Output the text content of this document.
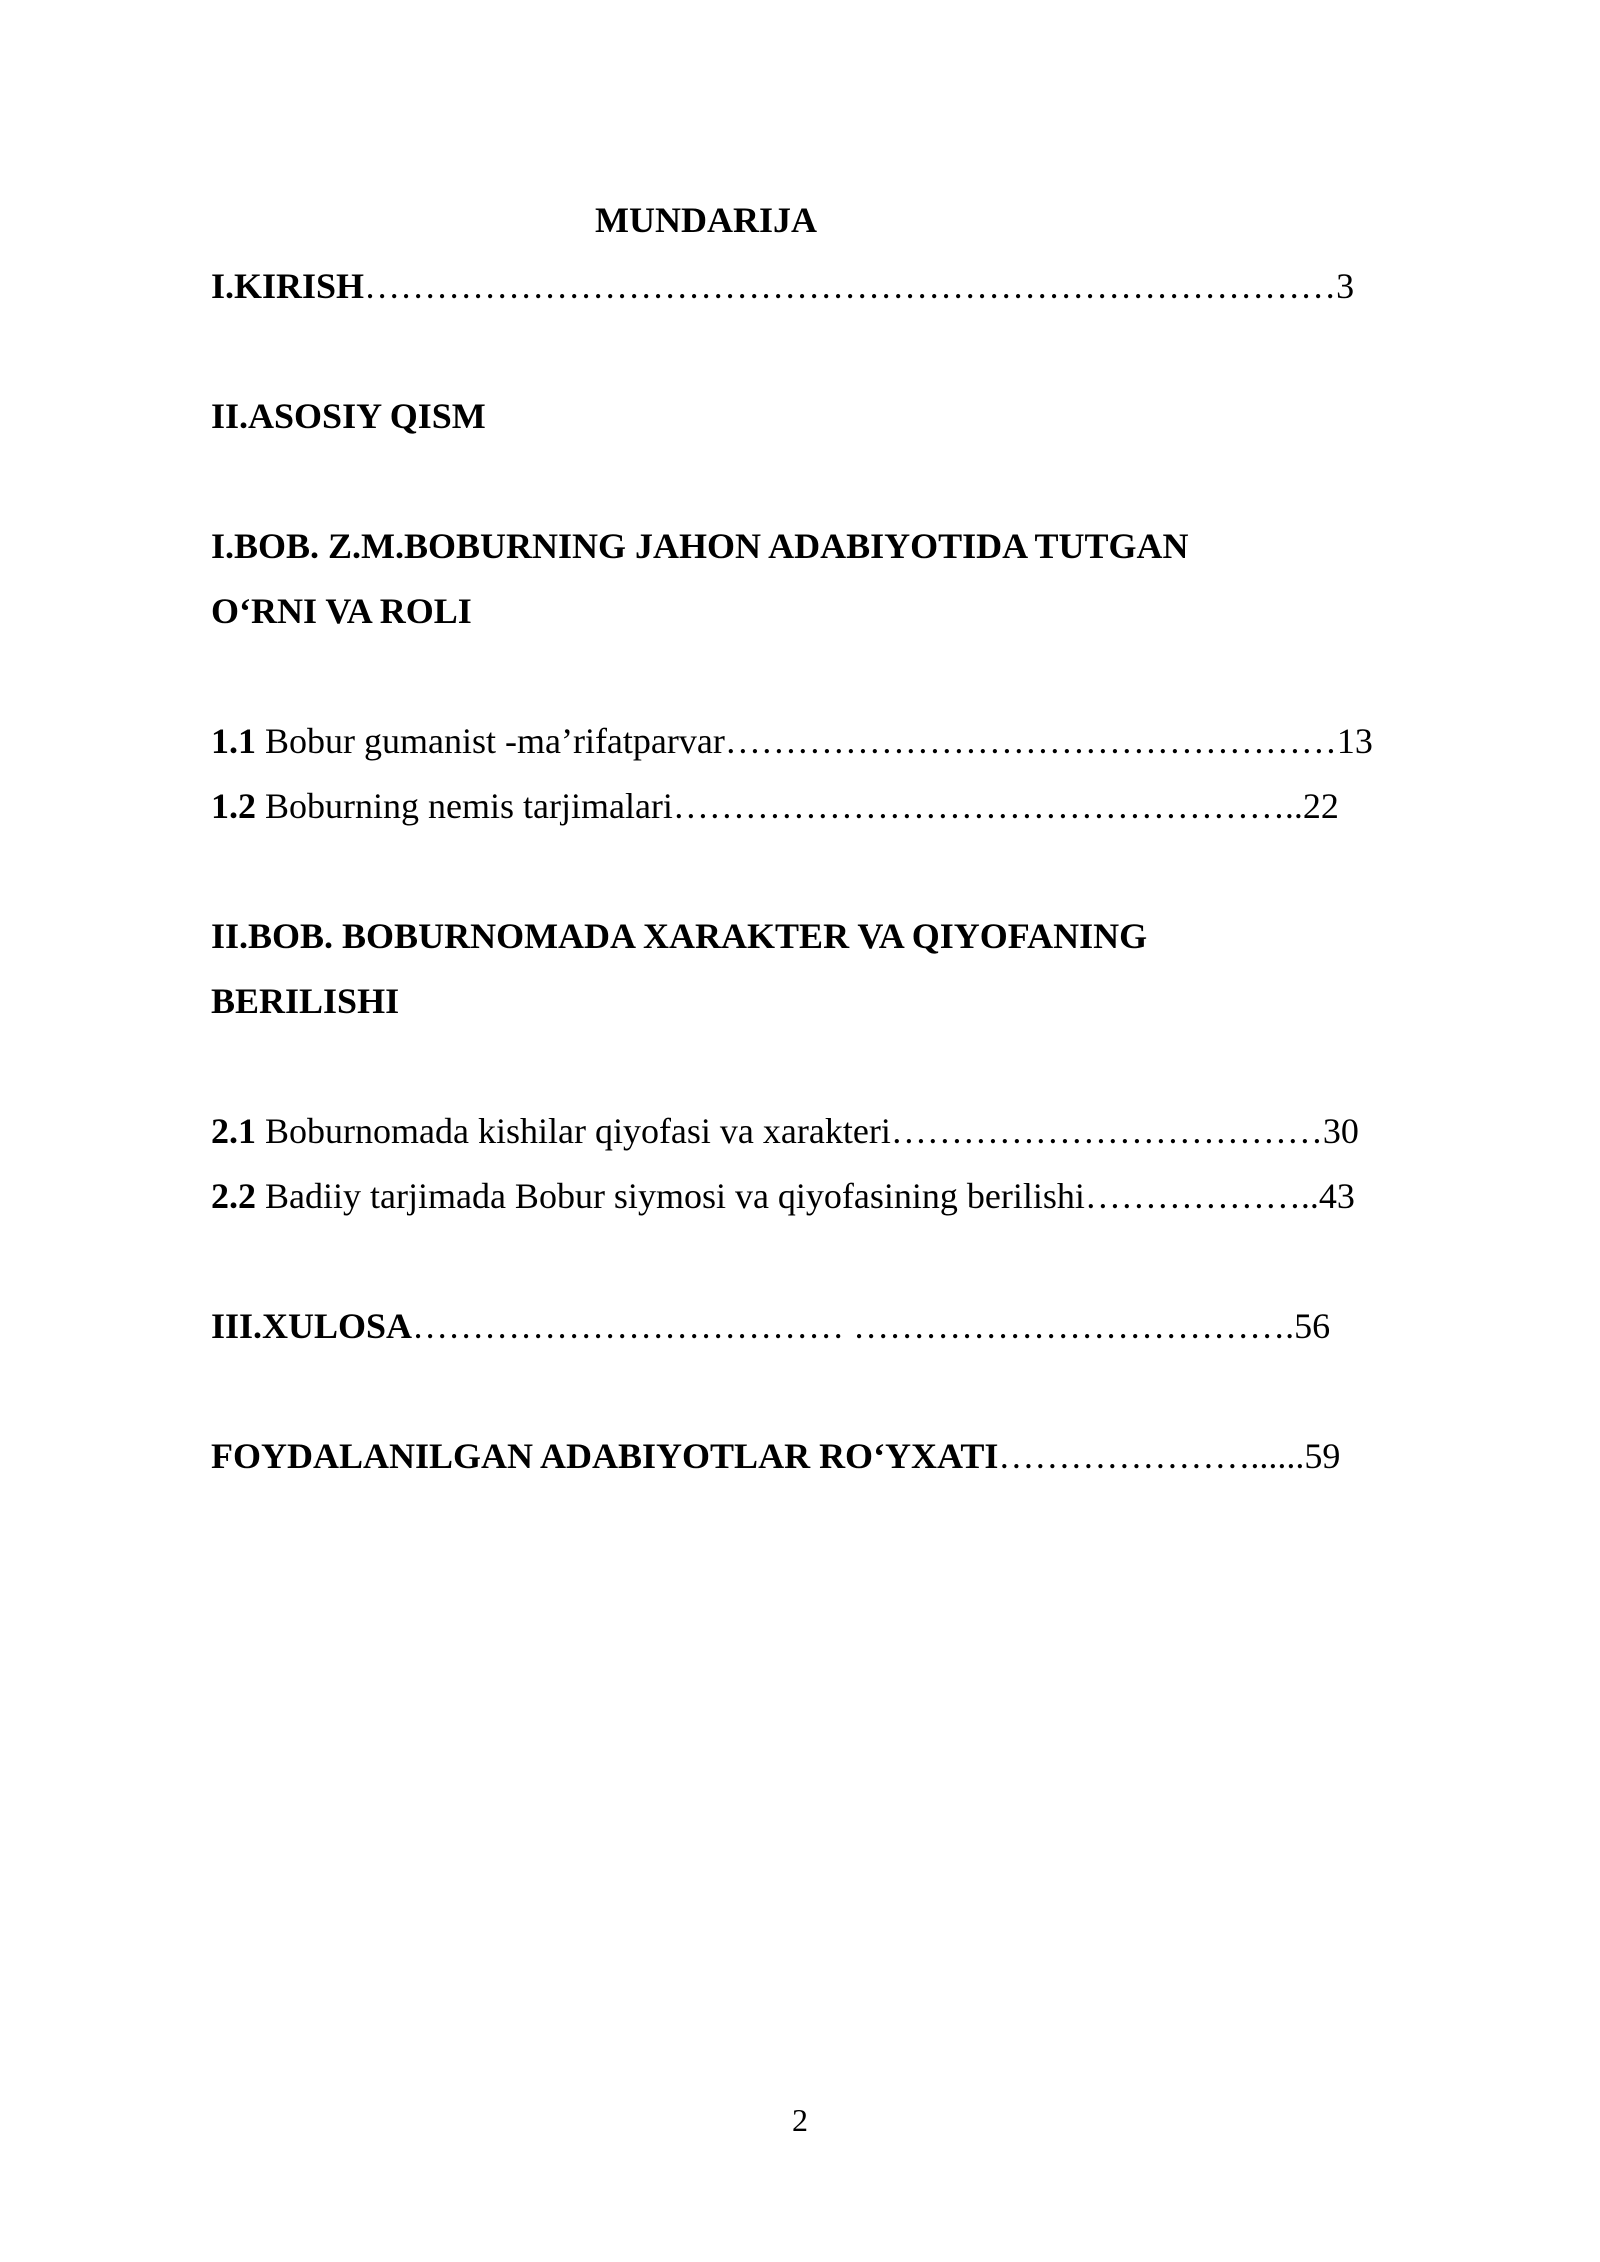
MUNDARIJA
I.KIRISH………………………………………………………………………3
II.ASOSIY QISM
I.BOB. Z.M.BOBURNING JAHON ADABIYOTIDA TUTGAN
O‘RNI VA ROLI
1.1 Bobur gumanist -ma’rifatparvar……………………………………………13
1.2 Boburning nemis tarjimalari……………………………………………..22
II.BOB. BOBURNOMADA XARAKTER VA QIYOFANING
BERILISHI
2.1 Boburnomada kishilar qiyofasi va xarakteri………………………………30
2.2 Badiiy tarjimada Bobur siymosi va qiyofasining berilishi………………..43
III.XULOSA……………………………… ……………………………….56
FOYDALANILGAN ADABIYOTLAR RO‘YXATI…………………......59
2
